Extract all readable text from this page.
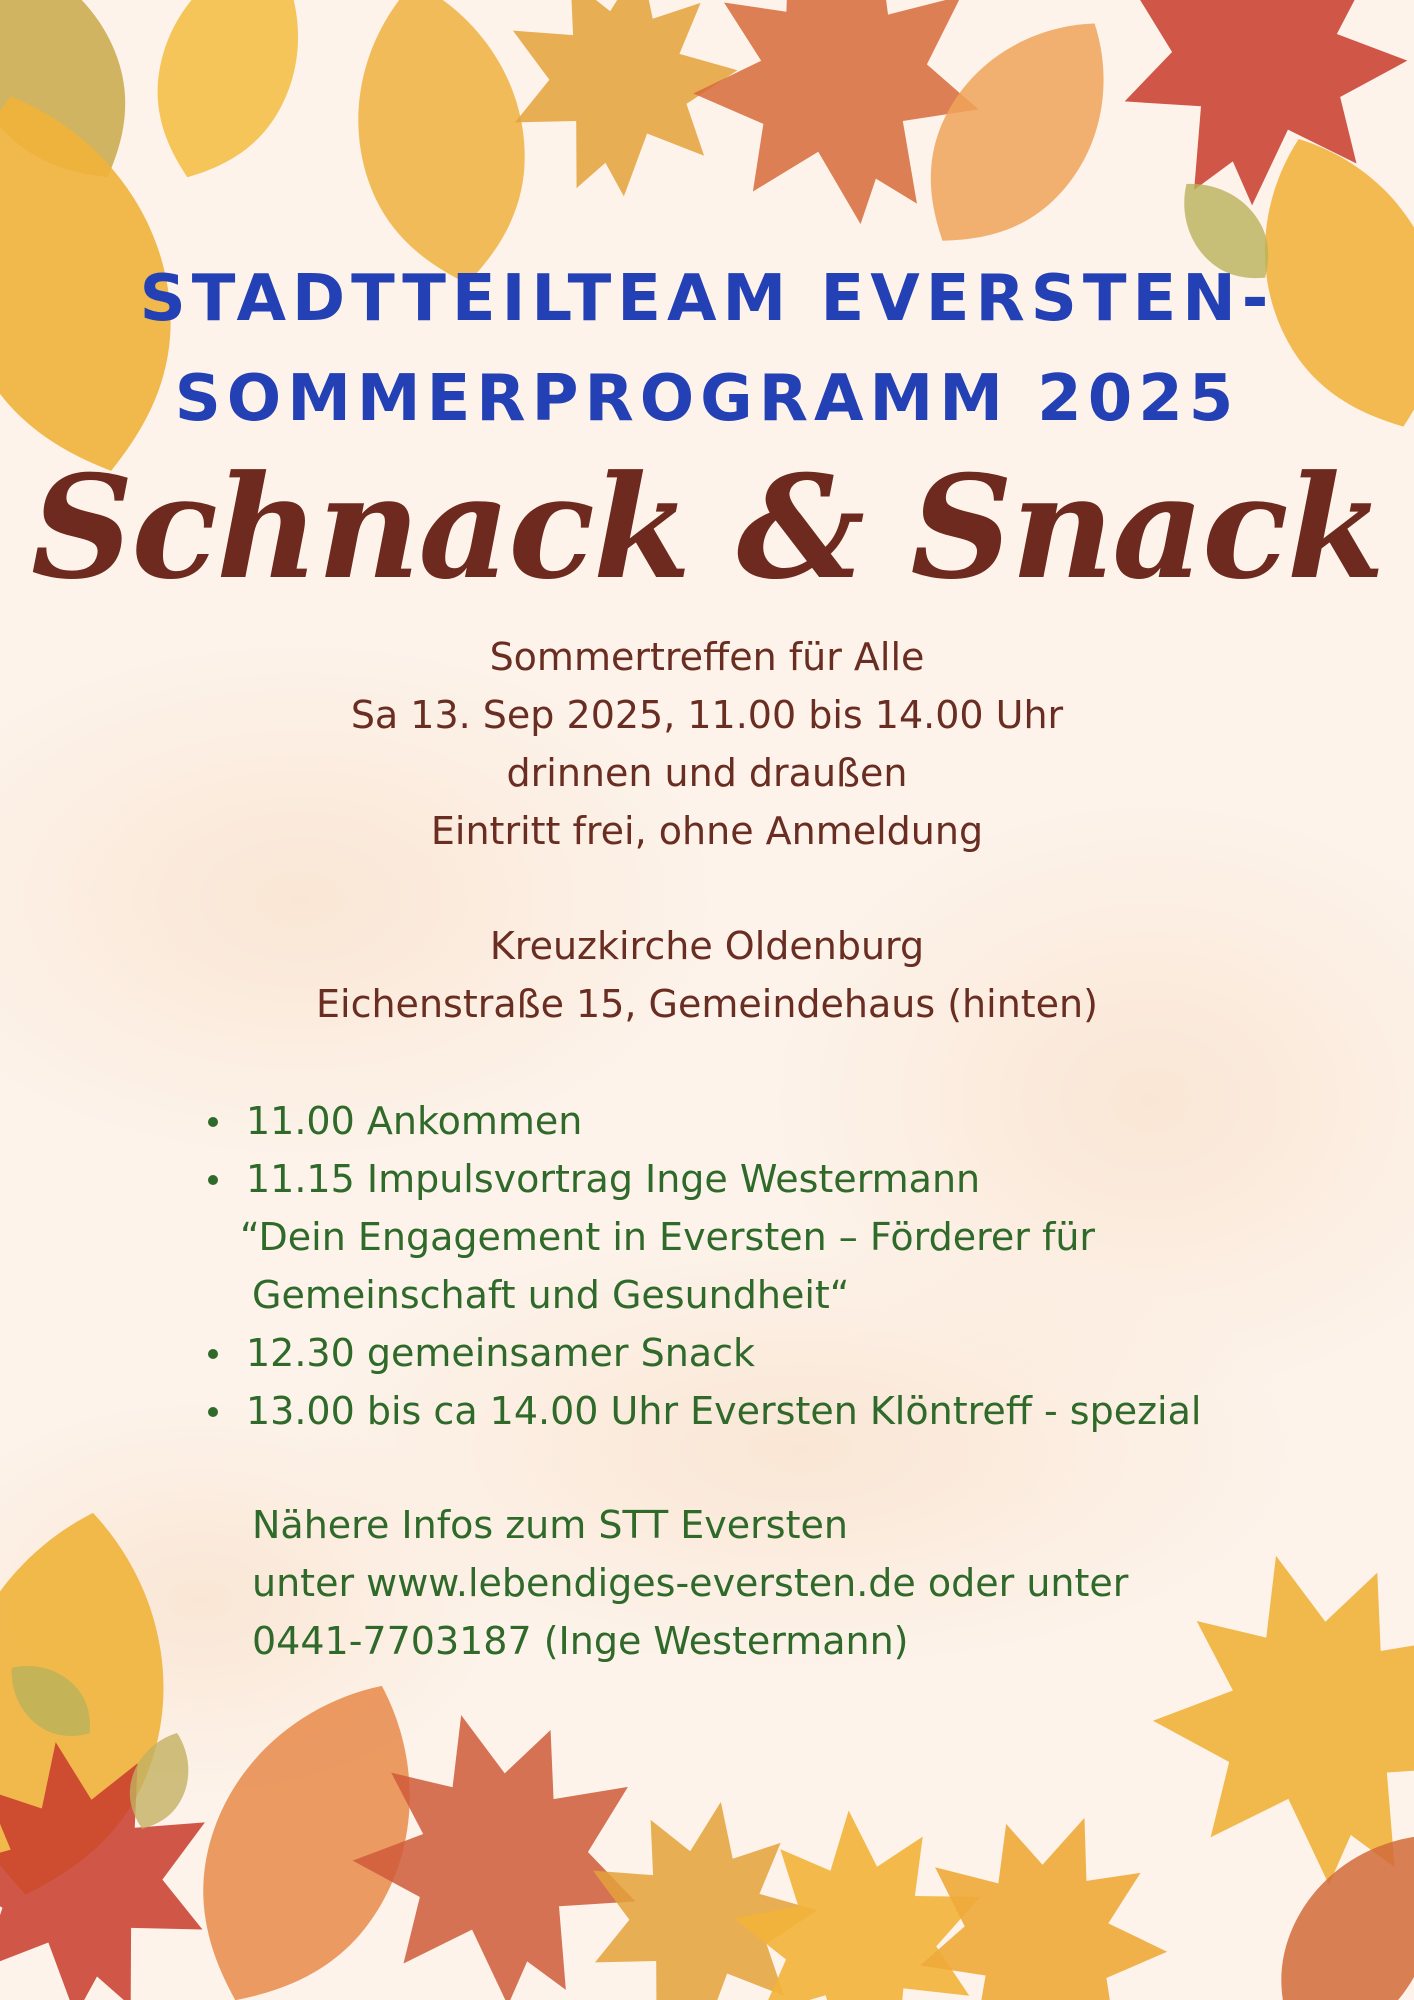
STADTTEILTEAM EVERSTEN-
SOMMERPROGRAMM 2025
Schnack & Snack
Sommertreffen für Alle
Sa 13. Sep 2025, 11.00 bis 14.00 Uhr
drinnen und draußen
Eintritt frei, ohne Anmeldung
Kreuzkirche Oldenburg
Eichenstraße 15, Gemeindehaus (hinten)
11.00 Ankommen
11.15 Impulsvortrag Inge Westermann
“Dein Engagement in Eversten – Förderer für
Gemeinschaft und Gesundheit“
12.30 gemeinsamer Snack
13.00 bis ca 14.00 Uhr Eversten Klöntreff - spezial
Nähere Infos zum STT Eversten
unter www.lebendiges-eversten.de oder unter
0441-7703187 (Inge Westermann)
